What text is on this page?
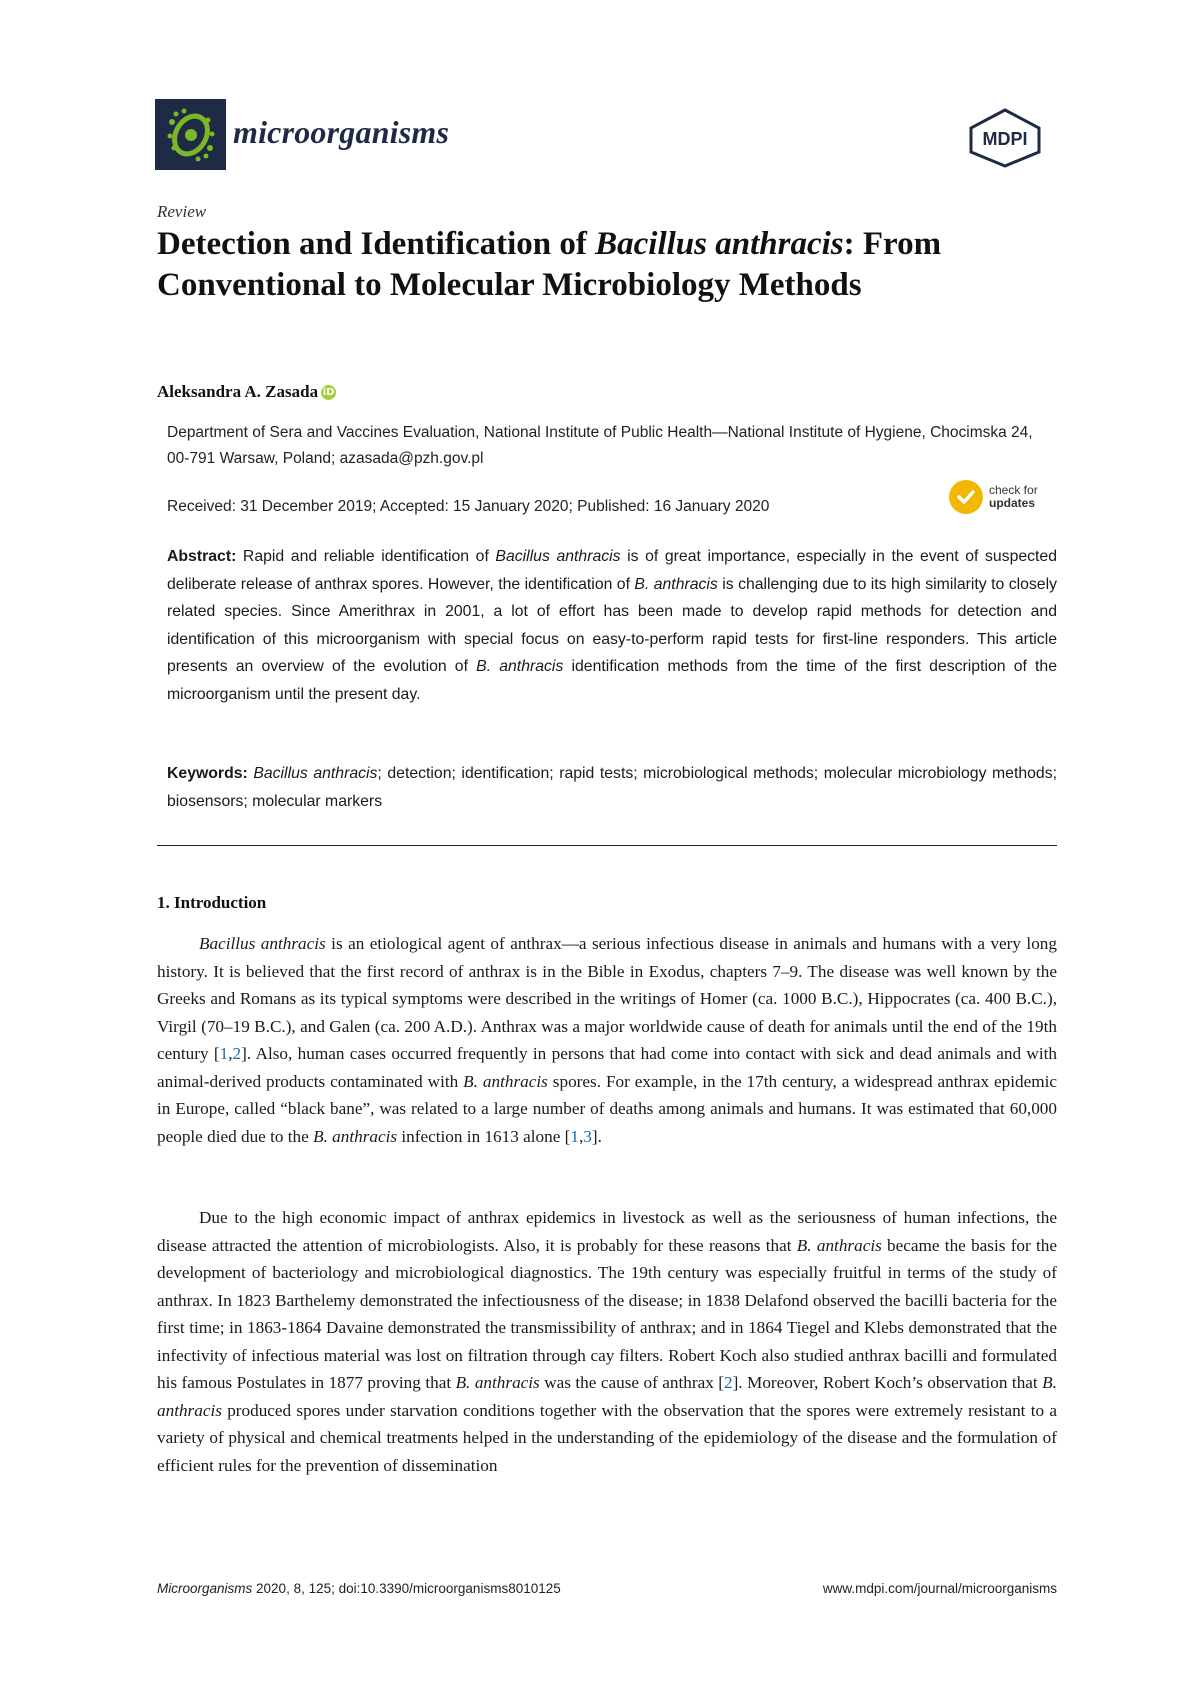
microorganisms	MDPI
Review
Detection and Identification of Bacillus anthracis: From Conventional to Molecular Microbiology Methods
Aleksandra A. Zasada iD
Department of Sera and Vaccines Evaluation, National Institute of Public Health—National Institute of Hygiene, Chocimska 24, 00-791 Warsaw, Poland; azasada@pzh.gov.pl
Received: 31 December 2019; Accepted: 15 January 2020; Published: 16 January 2020
check for
updates
Abstract: Rapid and reliable identification of Bacillus anthracis is of great importance, especially in the event of suspected deliberate release of anthrax spores. However, the identification of B. anthracis is challenging due to its high similarity to closely related species. Since Amerithrax in 2001, a lot of effort has been made to develop rapid methods for detection and identification of this microorganism with special focus on easy-to-perform rapid tests for first-line responders. This article presents an overview of the evolution of B. anthracis identification methods from the time of the first description of the microorganism until the present day.
Keywords: Bacillus anthracis; detection; identification; rapid tests; microbiological methods; molecular microbiology methods; biosensors; molecular markers
1. Introduction
Bacillus anthracis is an etiological agent of anthrax—a serious infectious disease in animals and humans with a very long history. It is believed that the first record of anthrax is in the Bible in Exodus, chapters 7–9. The disease was well known by the Greeks and Romans as its typical symptoms were described in the writings of Homer (ca. 1000 B.C.), Hippocrates (ca. 400 B.C.), Virgil (70–19 B.C.), and Galen (ca. 200 A.D.). Anthrax was a major worldwide cause of death for animals until the end of the 19th century [1,2]. Also, human cases occurred frequently in persons that had come into contact with sick and dead animals and with animal-derived products contaminated with B. anthracis spores. For example, in the 17th century, a widespread anthrax epidemic in Europe, called “black bane”, was related to a large number of deaths among animals and humans. It was estimated that 60,000 people died due to the B. anthracis infection in 1613 alone [1,3].
Due to the high economic impact of anthrax epidemics in livestock as well as the seriousness of human infections, the disease attracted the attention of microbiologists. Also, it is probably for these reasons that B. anthracis became the basis for the development of bacteriology and microbiological diagnostics. The 19th century was especially fruitful in terms of the study of anthrax. In 1823 Barthelemy demonstrated the infectiousness of the disease; in 1838 Delafond observed the bacilli bacteria for the first time; in 1863-1864 Davaine demonstrated the transmissibility of anthrax; and in 1864 Tiegel and Klebs demonstrated that the infectivity of infectious material was lost on filtration through cay filters. Robert Koch also studied anthrax bacilli and formulated his famous Postulates in 1877 proving that B. anthracis was the cause of anthrax [2]. Moreover, Robert Koch’s observation that B. anthracis produced spores under starvation conditions together with the observation that the spores were extremely resistant to a variety of physical and chemical treatments helped in the understanding of the epidemiology of the disease and the formulation of efficient rules for the prevention of dissemination
Microorganisms 2020, 8, 125; doi:10.3390/microorganisms8010125	www.mdpi.com/journal/microorganisms
